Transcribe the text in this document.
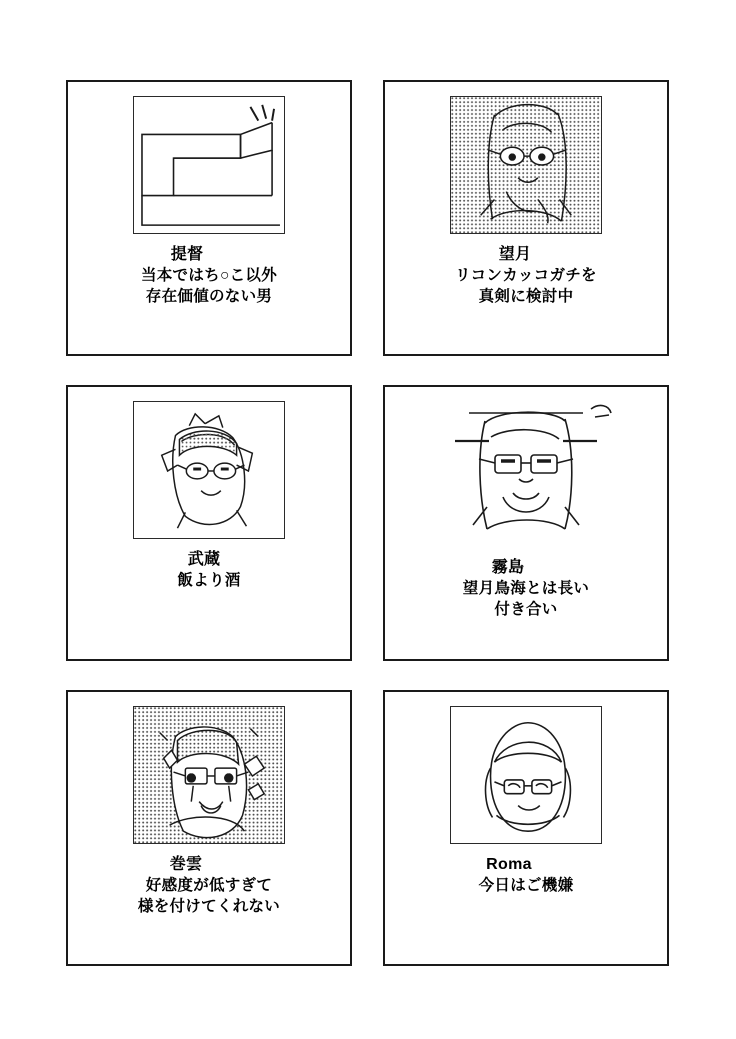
提督
当本ではち○こ以外
存在価値のない男
望月
リコンカッコガチを
真剣に検討中
武蔵
飯より酒
霧島
望月鳥海とは長い
付き合い
巻雲
好感度が低すぎて
様を付けてくれない
Roma
今日はご機嫌
